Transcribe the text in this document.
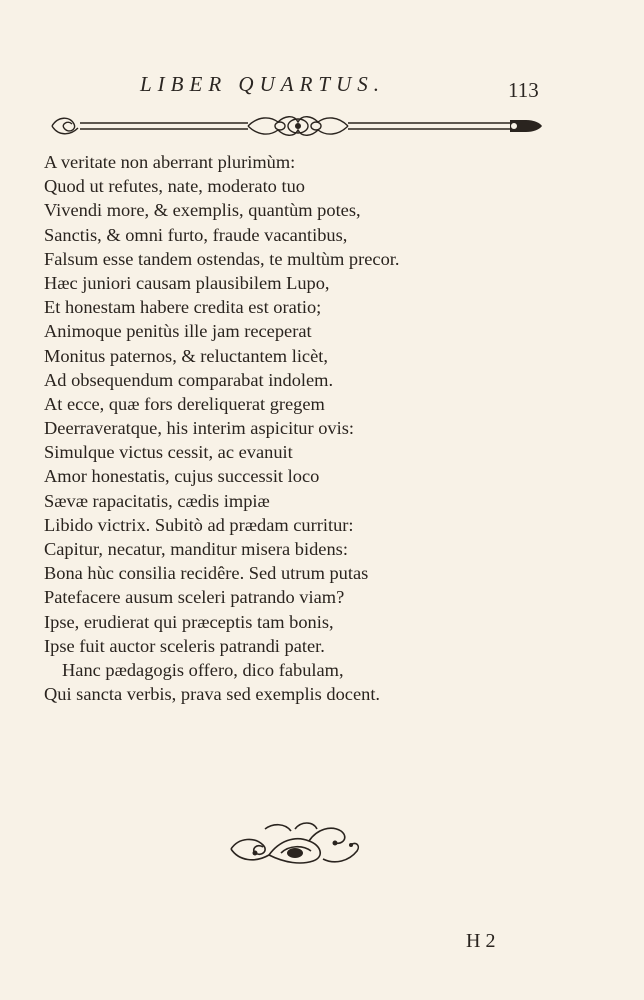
LIBER QUARTUS.	113
A veritate non aberrant plurimùm:
Quod ut refutes, nate, moderato tuo
Vivendi more, & exemplis, quantùm potes,
Sanctis, & omni furto, fraude vacantibus,
Falsum esse tandem ostendas, te multùm precor.
Hæc juniori causam plausibilem Lupo,
Et honestam habere credita est oratio;
Animoque penitùs ille jam receperat
Monitus paternos, & reluctantem licèt,
Ad obsequendum comparabat indolem.
At ecce, quæ fors dereliquerat gregem
Deerraveratque, his interim aspicitur ovis:
Simulque victus cessit, ac evanuit
Amor honestatis, cujus successit loco
Sævæ rapacitatis, cædis impiæ
Libido victrix. Subitò ad prædam curritur:
Capitur, necatur, manditur misera bidens:
Bona hùc consilia recidêre. Sed utrum putas
Patefacere ausum sceleri patrando viam?
Ipse, erudierat qui præceptis tam bonis,
Ipse fuit auctor sceleris patrandi pater.
Hanc pædagogis offero, dico fabulam,
Qui sancta verbis, prava sed exemplis docent.
H 2
